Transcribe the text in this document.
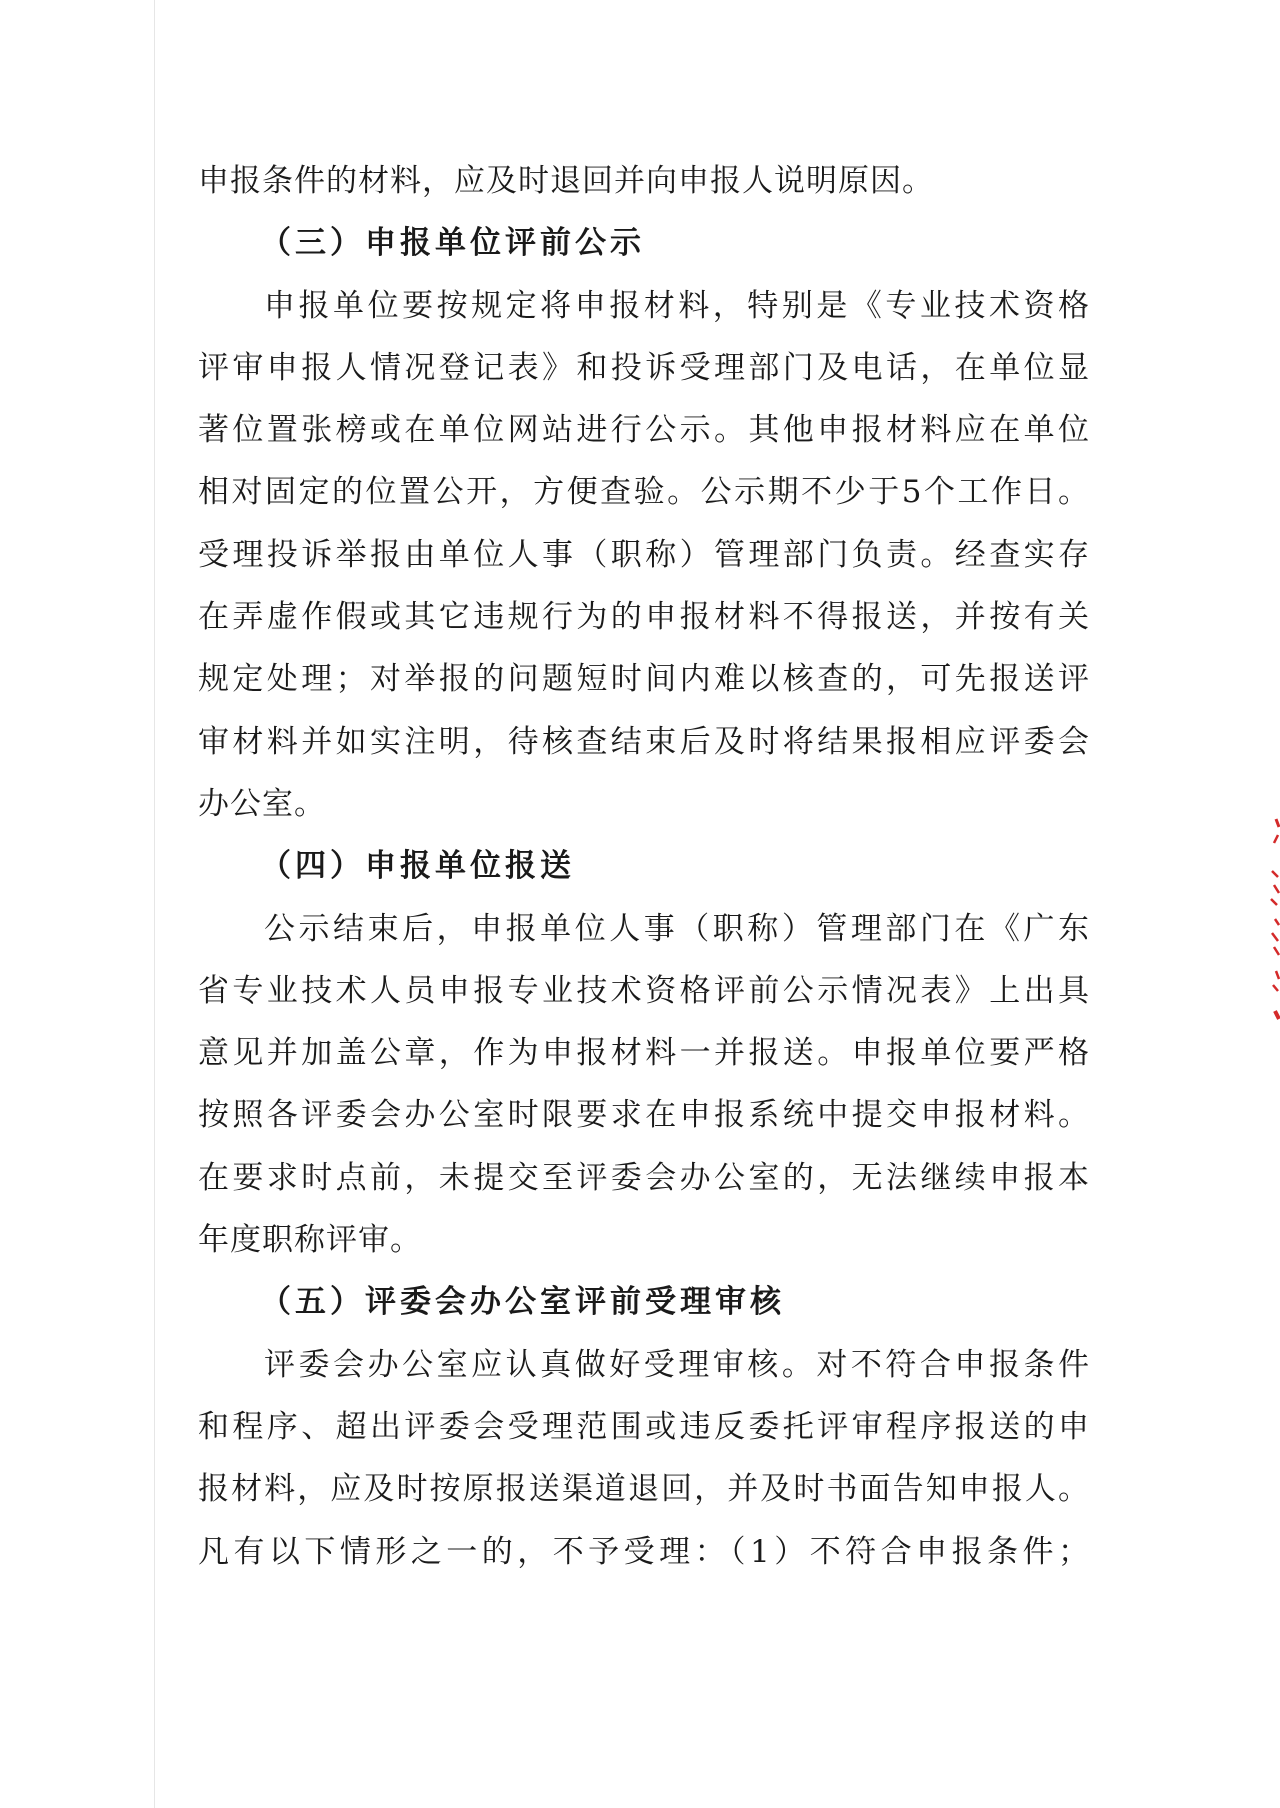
申报条件的材料，应及时退回并向申报人说明原因。
（三）申报单位评前公示
申报单位要按规定将申报材料，特别是《专业技术资格
评审申报人情况登记表》和投诉受理部门及电话，在单位显
著位置张榜或在单位网站进行公示。其他申报材料应在单位
相对固定的位置公开，方便查验。公示期不少于5个工作日。
受理投诉举报由单位人事（职称）管理部门负责。经查实存
在弄虚作假或其它违规行为的申报材料不得报送，并按有关
规定处理；对举报的问题短时间内难以核查的，可先报送评
审材料并如实注明，待核查结束后及时将结果报相应评委会
办公室。
（四）申报单位报送
公示结束后，申报单位人事（职称）管理部门在《广东
省专业技术人员申报专业技术资格评前公示情况表》上出具
意见并加盖公章，作为申报材料一并报送。申报单位要严格
按照各评委会办公室时限要求在申报系统中提交申报材料。
在要求时点前，未提交至评委会办公室的，无法继续申报本
年度职称评审。
（五）评委会办公室评前受理审核
评委会办公室应认真做好受理审核。对不符合申报条件
和程序、超出评委会受理范围或违反委托评审程序报送的申
报材料，应及时按原报送渠道退回，并及时书面告知申报人。
凡有以下情形之一的，不予受理：（1）不符合申报条件；
